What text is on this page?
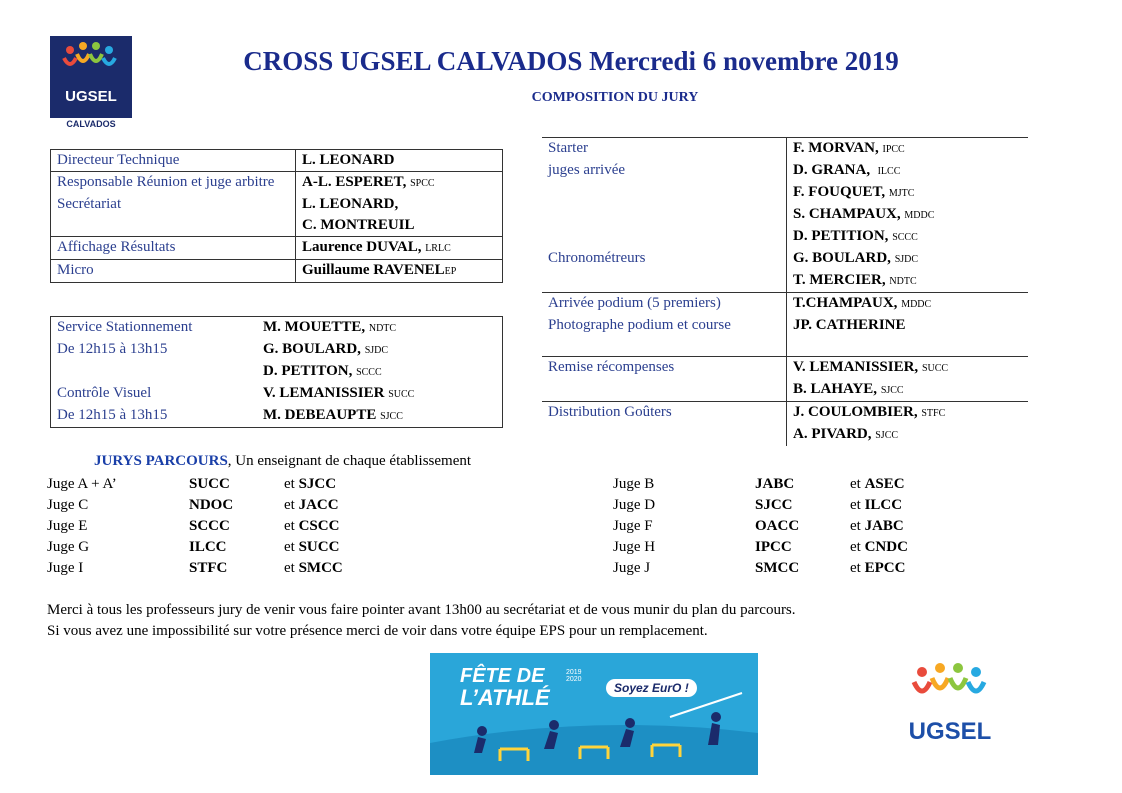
UGSEL
CALVADOS
CROSS UGSEL CALVADOS Mercredi 6 novembre 2019
COMPOSITION DU JURY
Directeur Technique	L. LEONARD
Responsable Réunion et juge arbitre	A-L. ESPERET, SPCC
Secrétariat	L. LEONARD,
	C. MONTREUIL
Affichage Résultats	Laurence DUVAL, LRLC
Micro	Guillaume RAVENELEP
Service Stationnement	M. MOUETTE, NDTC
De 12h15 à 13h15	G. BOULARD, SJDC
	D. PETITON, SCCC
Contrôle Visuel	V. LEMANISSIER SUCC
De 12h15 à 13h15	M. DEBEAUPTE SJCC
Starter	F. MORVAN, IPCC
juges arrivée	D. GRANA, ILCC
	F. FOUQUET, MJTC
	S. CHAMPAUX, MDDC
	D. PETITION, SCCC
Chronométreurs	G. BOULARD, SJDC
	T. MERCIER, NDTC
Arrivée podium (5 premiers)	T.CHAMPAUX, MDDC
Photographe podium et course	JP. CATHERINE

Remise récompenses	V. LEMANISSIER, SUCC
	B. LAHAYE, SJCC
Distribution Goûters	J. COULOMBIER, STFC
	A. PIVARD, SJCC
JURYS PARCOURS, Un enseignant de chaque établissement
Juge A + A’	SUCC	et SJCC
Juge C	NDOC	et JACC
Juge E	SCCC	et CSCC
Juge G	ILCC	et SUCC
Juge I	STFC	et SMCC
Juge B	JABC	et ASEC
Juge D	SJCC	et ILCC
Juge F	OACC	et JABC
Juge H	IPCC	et CNDC
Juge J	SMCC	et EPCC
Merci à tous les professeurs jury de venir vous faire pointer avant 13h00 au secrétariat et de vous munir du plan du parcours.
Si vous avez une impossibilité sur votre présence merci de voir dans votre équipe EPS pour un remplacement.
FÊTE DE
L’ATHLÉ
2019 2020
Soyez EurO !
UGSEL
